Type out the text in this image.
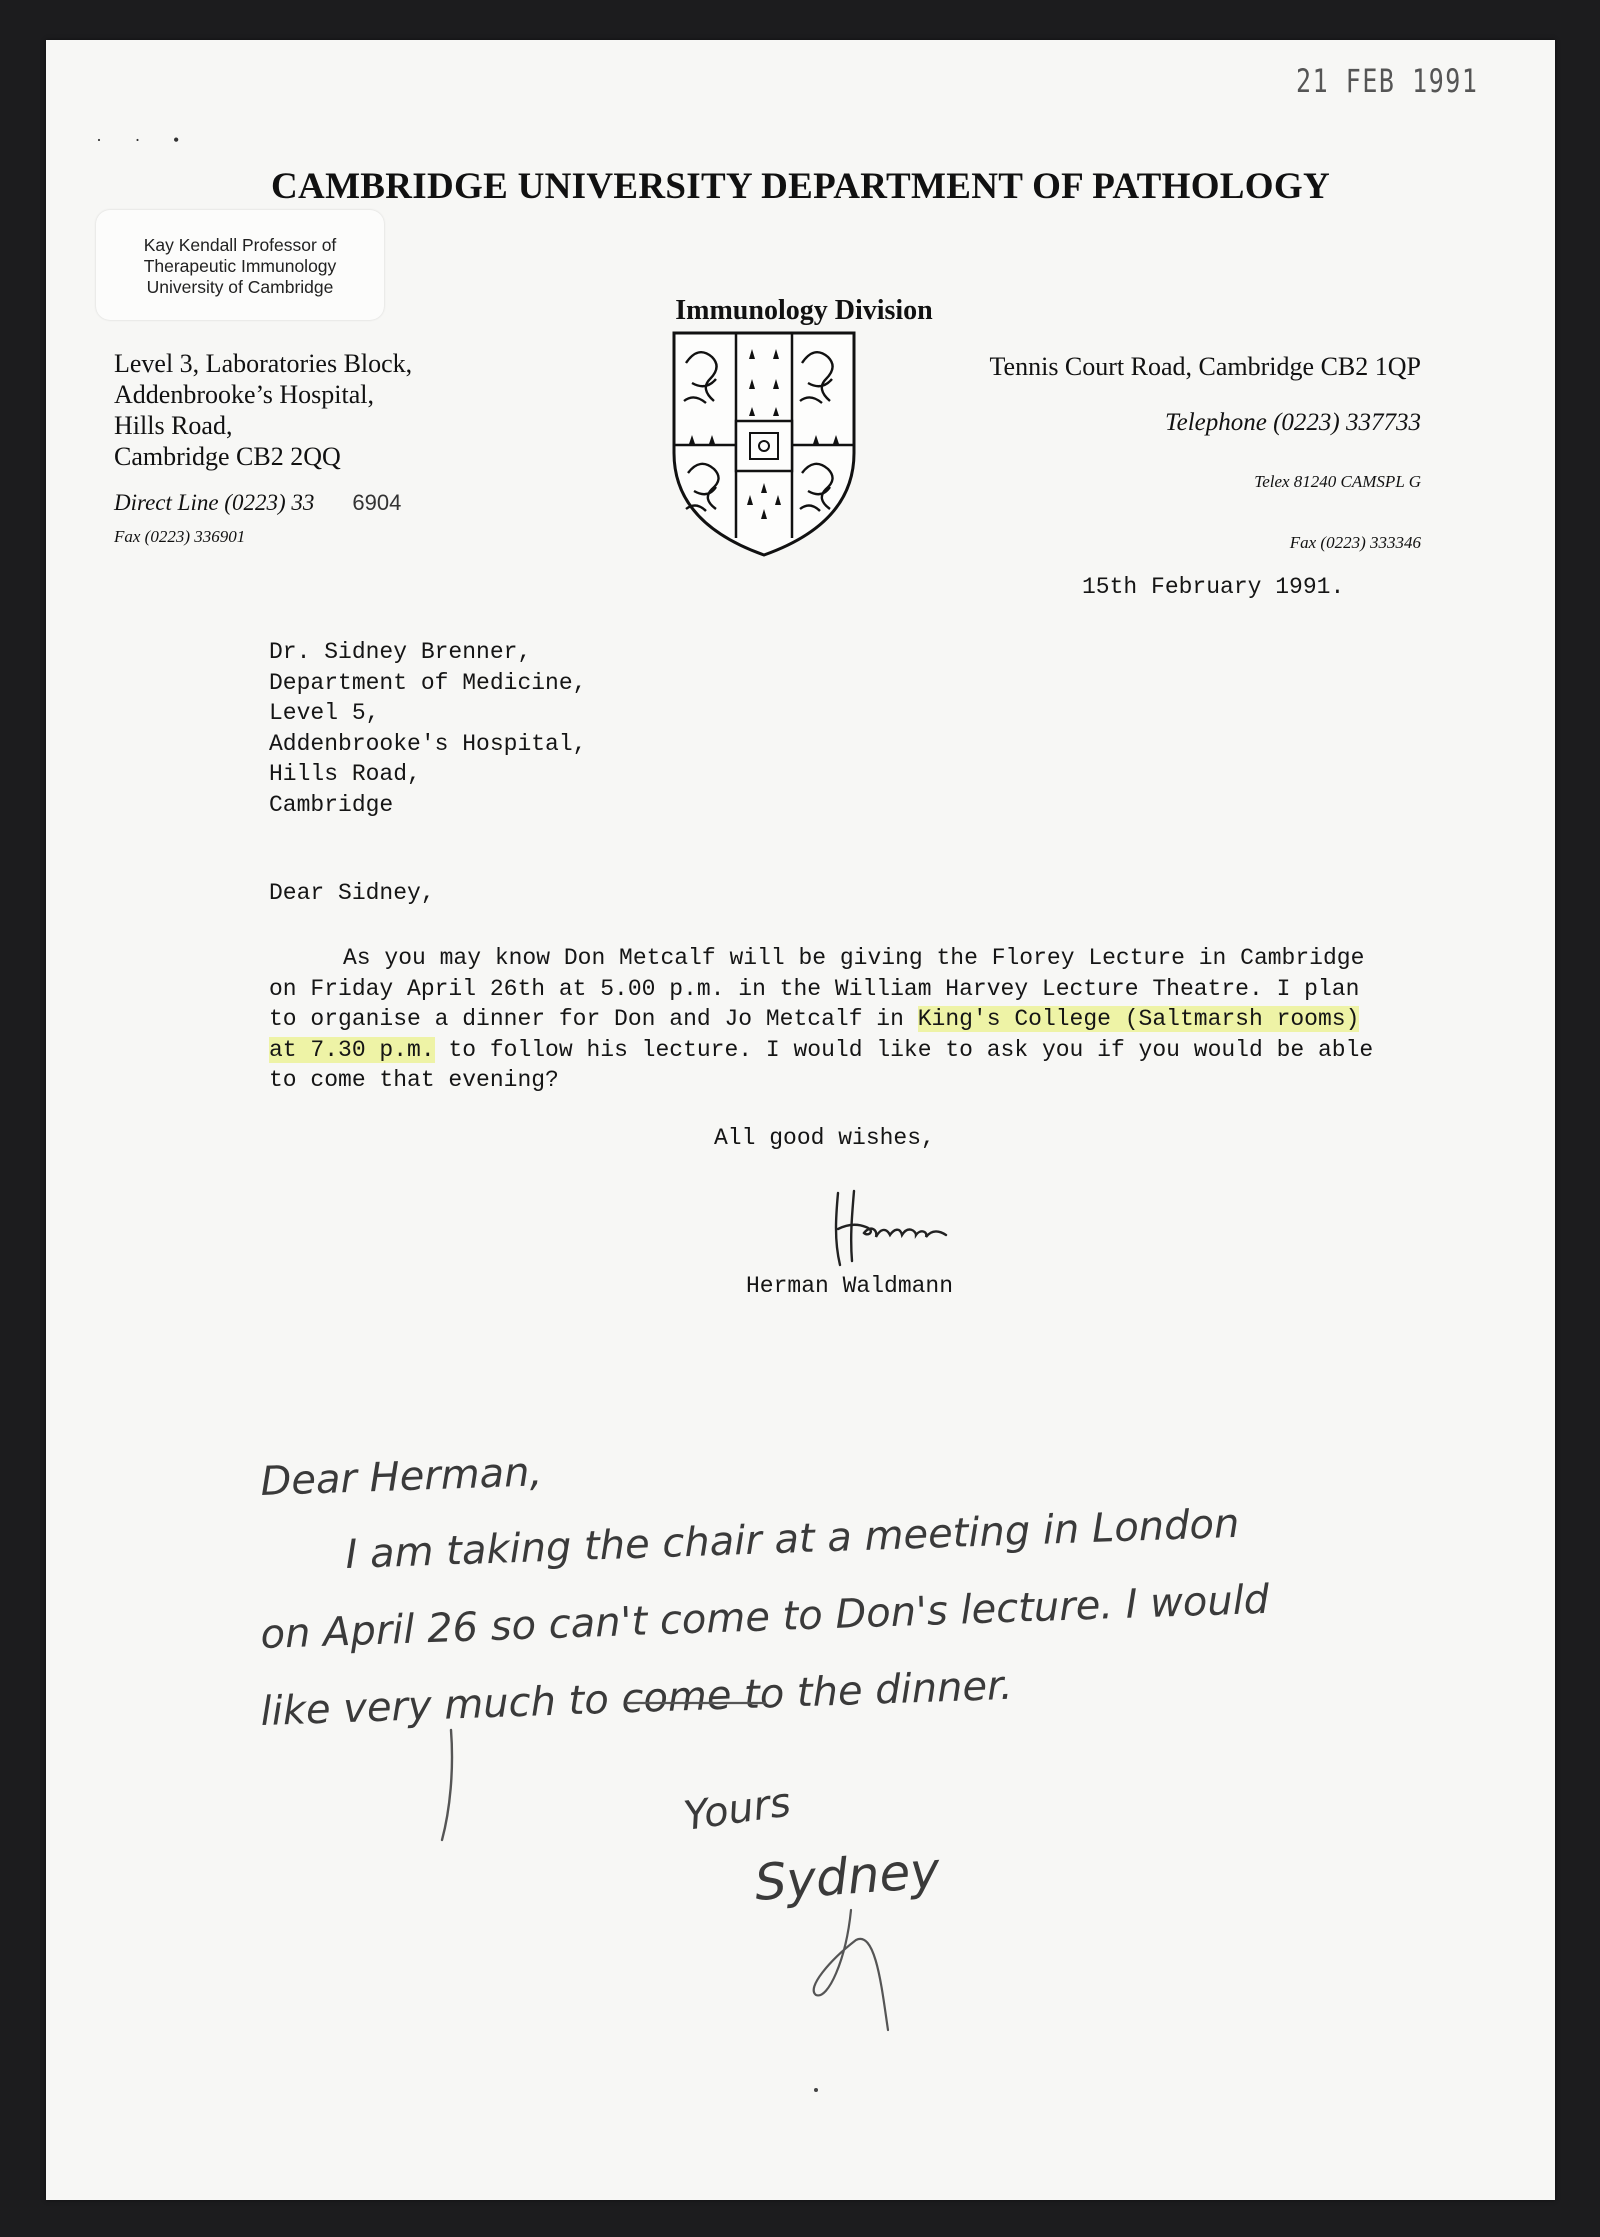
21 FEB 1991
· · •
CAMBRIDGE UNIVERSITY DEPARTMENT OF PATHOLOGY
Kay Kendall Professor of
Therapeutic Immunology
University of Cambridge
Immunology Division
Level 3, Laboratories Block,
Addenbrooke’s Hospital,
Hills Road,
Cambridge CB2 2QQ
Direct Line (0223) 33 6904
Fax (0223) 336901
Tennis Court Road, Cambridge CB2 1QP
Telephone (0223) 337733
Telex 81240 CAMSPL G
Fax (0223) 333346
15th February 1991.
Dr. Sidney Brenner,
Department of Medicine,
Level 5,
Addenbrooke's Hospital,
Hills Road,
Cambridge
Dear Sidney,
As you may know Don Metcalf will be giving the Florey Lecture in Cambridge on Friday April 26th at 5.00 p.m. in the William Harvey Lecture Theatre. I plan to organise a dinner for Don and Jo Metcalf in King's College (Saltmarsh rooms) at 7.30 p.m. to follow his lecture. I would like to ask you if you would be able to come that evening?
All good wishes,
Herman
Herman Waldmann
Dear Herman,
I am taking the chair at a meeting in London
on April 26 so can't come to Don's lecture. I would
like very much to come to the dinner.
Yours
Sydney
